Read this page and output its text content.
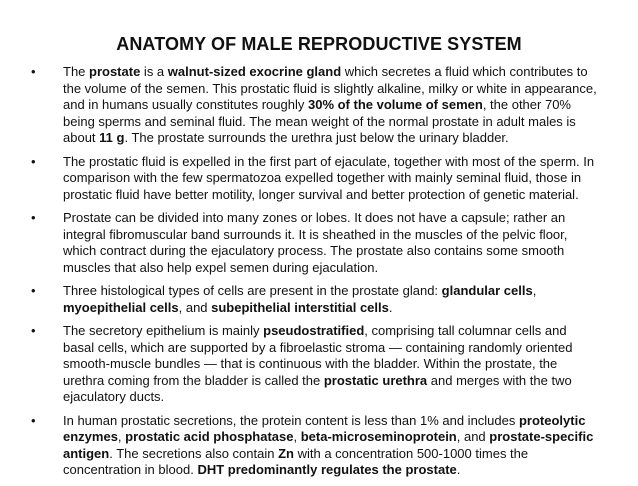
ANATOMY OF MALE REPRODUCTIVE SYSTEM
• The prostate is a walnut-sized exocrine gland which secretes a fluid which contributes to the volume of the semen. This prostatic fluid is slightly alkaline, milky or white in appearance, and in humans usually constitutes roughly 30% of the volume of semen, the other 70% being sperms and seminal fluid. The mean weight of the normal prostate in adult males is about 11 g. The prostate surrounds the urethra just below the urinary bladder.
• The prostatic fluid is expelled in the first part of ejaculate, together with most of the sperm. In comparison with the few spermatozoa expelled together with mainly seminal fluid, those in prostatic fluid have better motility, longer survival and better protection of genetic material.
• Prostate can be divided into many zones or lobes. It does not have a capsule; rather an integral fibromuscular band surrounds it. It is sheathed in the muscles of the pelvic floor, which contract during the ejaculatory process. The prostate also contains some smooth muscles that also help expel semen during ejaculation.
• Three histological types of cells are present in the prostate gland: glandular cells, myoepithelial cells, and subepithelial interstitial cells.
• The secretory epithelium is mainly pseudostratified, comprising tall columnar cells and basal cells, which are supported by a fibroelastic stroma — containing randomly oriented smooth-muscle bundles — that is continuous with the bladder. Within the prostate, the urethra coming from the bladder is called the prostatic urethra and merges with the two ejaculatory ducts.
• In human prostatic secretions, the protein content is less than 1% and includes proteolytic enzymes, prostatic acid phosphatase, beta-microseminoprotein, and prostate-specific antigen. The secretions also contain Zn with a concentration 500-1000 times the concentration in blood. DHT predominantly regulates the prostate.
